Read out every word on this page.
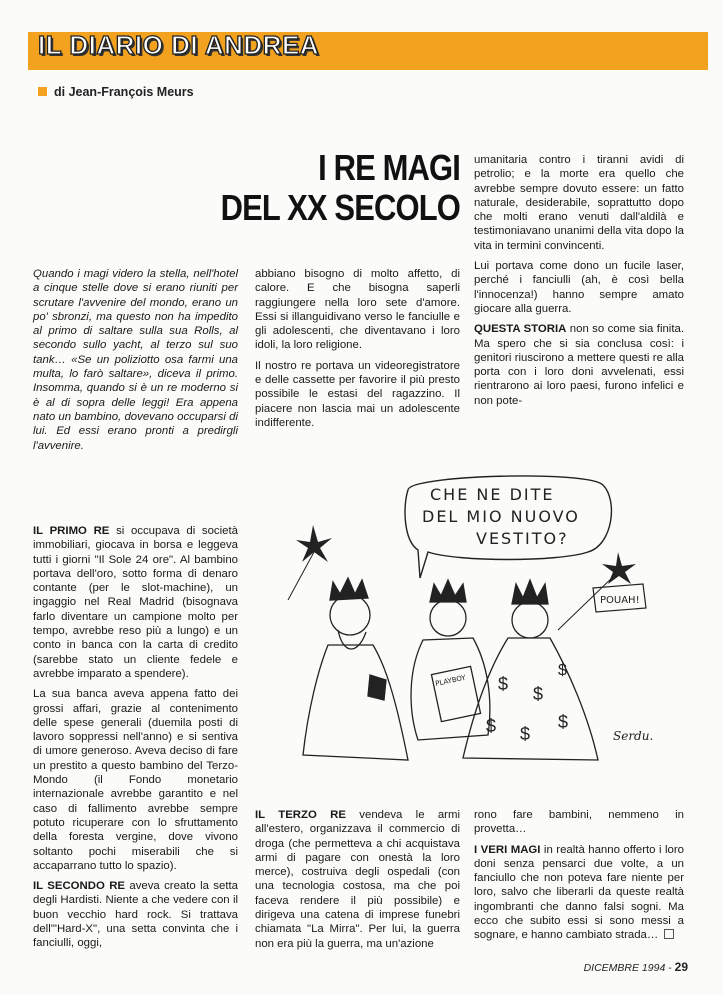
IL DIARIO DI ANDREA
di Jean-François Meurs
I RE MAGI
DEL XX SECOLO
Quando i magi videro la stella, nell'hotel a cinque stelle dove si erano riuniti per scrutare l'avvenire del mondo, erano un po' sbronzi, ma questo non ha impedito al primo di saltare sulla sua Rolls, al secondo sullo yacht, al terzo sul suo tank… «Se un poliziotto osa farmi una multa, lo farò saltare», diceva il primo. Insomma, quando si è un re moderno si è al di sopra delle leggi! Era appena nato un bambino, dovevano occuparsi di lui. Ed essi erano pronti a predirgli l'avvenire.

abbiano bisogno di molto affetto, di calore. E che bisogna saperli raggiungere nella loro sete d'amore. Essi si illanguidivano verso le fanciulle e gli adolescenti, che diventavano i loro idoli, la loro religione.

Il nostro re portava un videoregistratore e delle cassette per favorire il più presto possibile le estasi del ragazzino. Il piacere non lascia mai un adolescente indifferente.

umanitaria contro i tiranni avidi di petrolio; e la morte era quello che avrebbe sempre dovuto essere: un fatto naturale, desiderabile, soprattutto dopo che molti erano venuti dall'aldilà e testimoniavano unanimi della vita dopo la vita in termini convincenti.

Lui portava come dono un fucile laser, perché i fanciulli (ah, è così bella l'innocenza!) hanno sempre amato giocare alla guerra.

QUESTA STORIA non so come sia finita. Ma spero che si sia conclusa così: i genitori riuscirono a mettere questi re alla porta con i loro doni avvelenati, essi rientrarono ai loro paesi, furono infelici e non pote-

IL PRIMO RE si occupava di società immobiliari, giocava in borsa e leggeva tutti i giorni "Il Sole 24 ore". Al bambino portava dell'oro, sotto forma di denaro contante (per le slot-machine), un ingaggio nel Real Madrid (bisognava farlo diventare un campione molto per tempo, avrebbe reso più a lungo) e un conto in banca con la carta di credito (sarebbe stato un cliente fedele e avrebbe imparato a spendere).

La sua banca aveva appena fatto dei grossi affari, grazie al contenimento delle spese generali (duemila posti di lavoro soppressi nell'anno) e si sentiva di umore generoso. Aveva deciso di fare un prestito a questo bambino del Terzo-Mondo (il Fondo monetario internazionale avrebbe garantito e nel caso di fallimento avrebbe sempre potuto ricuperare con lo sfruttamento della foresta vergine, dove vivono soltanto pochi miserabili che si accaparrano tutto lo spazio).

IL SECONDO RE aveva creato la setta degli Hardisti. Niente a che vedere con il buon vecchio hard rock. Si trattava dell'"Hard-X", una setta convinta che i fanciulli, oggi,

IL TERZO RE vendeva le armi all'estero, organizzava il commercio di droga (che permetteva a chi acquistava armi di pagare con onestà la loro merce), costruiva degli ospedali (con una tecnologia costosa, ma che poi faceva rendere il più possibile) e dirigeva una catena di imprese funebri chiamata "La Mirra". Per lui, la guerra non era più la guerra, ma un'azione

rono fare bambini, nemmeno in provetta…

I VERI MAGI in realtà hanno offerto i loro doni senza pensarci due volte, a un fanciullo che non poteva fare niente per loro, salvo che liberarli da queste realtà ingombranti che danno falsi sogni. Ma ecco che subito essi si sono messi a sognare, e hanno cambiato strada…

CHE NE DITE
DEL MIO NUOVO
VESTITO?
POUAH!
PLAYBOY $ $
$
$ $
$
Serdu.
DICEMBRE 1994 - 29
